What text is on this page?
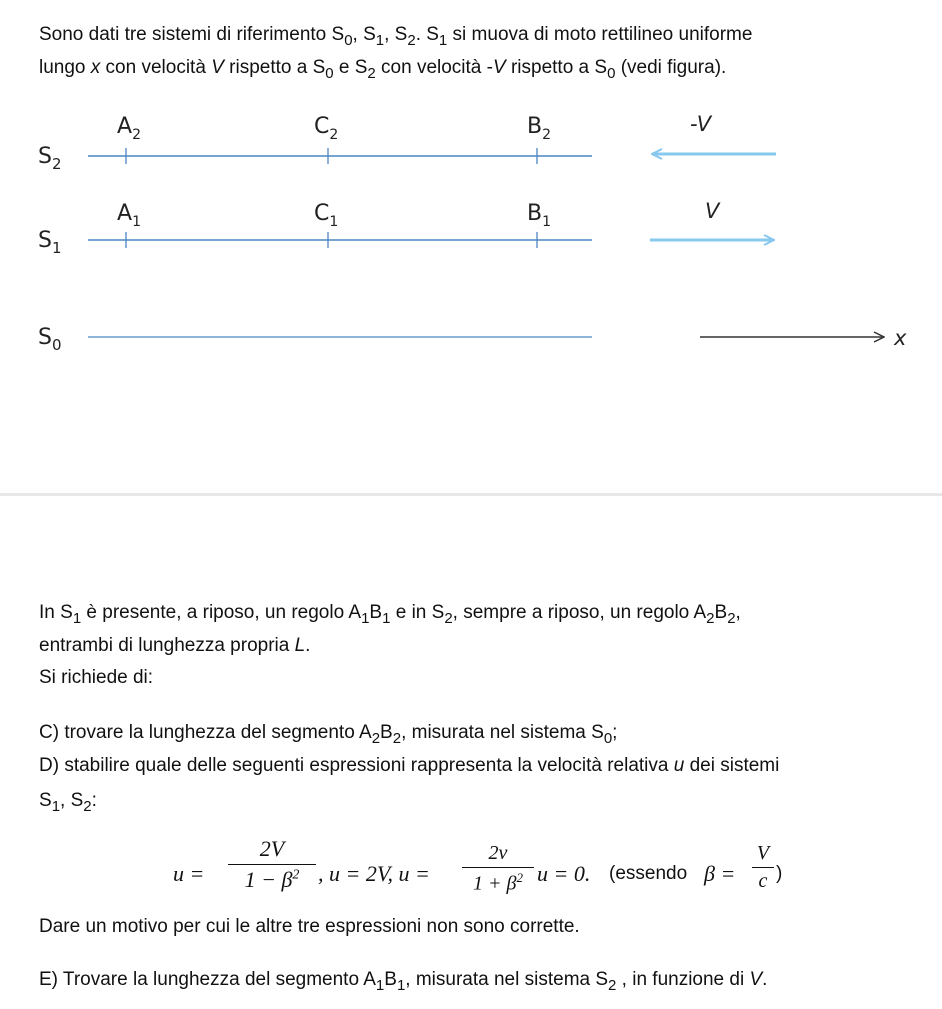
Sono dati tre sistemi di riferimento $S_0$, $S_1$, $S_2$. $S_1$ si muova di moto rettilineo uniforme
lungo x con velocità V rispetto a $S_0$ e $S_2$ con velocità -V rispetto a $S_0$ (vedi figura).
$S_2$
$A_2$	$C_2$	$B_2$	-V
$S_1$
$A_1$	$C_1$	$B_1$	V
$S_0$	x
In $S_1$ è presente, a riposo, un regolo $A_1B_1$ e in $S_2$, sempre a riposo, un regolo $A_2B_2$,
entrambi di lunghezza propria L.
Si richiede di:
C) trovare la lunghezza del segmento $A_2B_2$, misurata nel sistema $S_0$;
D) stabilire quale delle seguenti espressioni rappresenta la velocità relativa u dei sistemi
$S_1$, $S_2$:
u =
2V
$1 - \beta^2$ , u = 2V, u =
2v
$1 + \beta^2$ u = 0. (essendo β =
V
c )
Dare un motivo per cui le altre tre espressioni non sono corrette.
E) Trovare la lunghezza del segmento $A_1B_1$, misurata nel sistema $S_2$ , in funzione di V.
